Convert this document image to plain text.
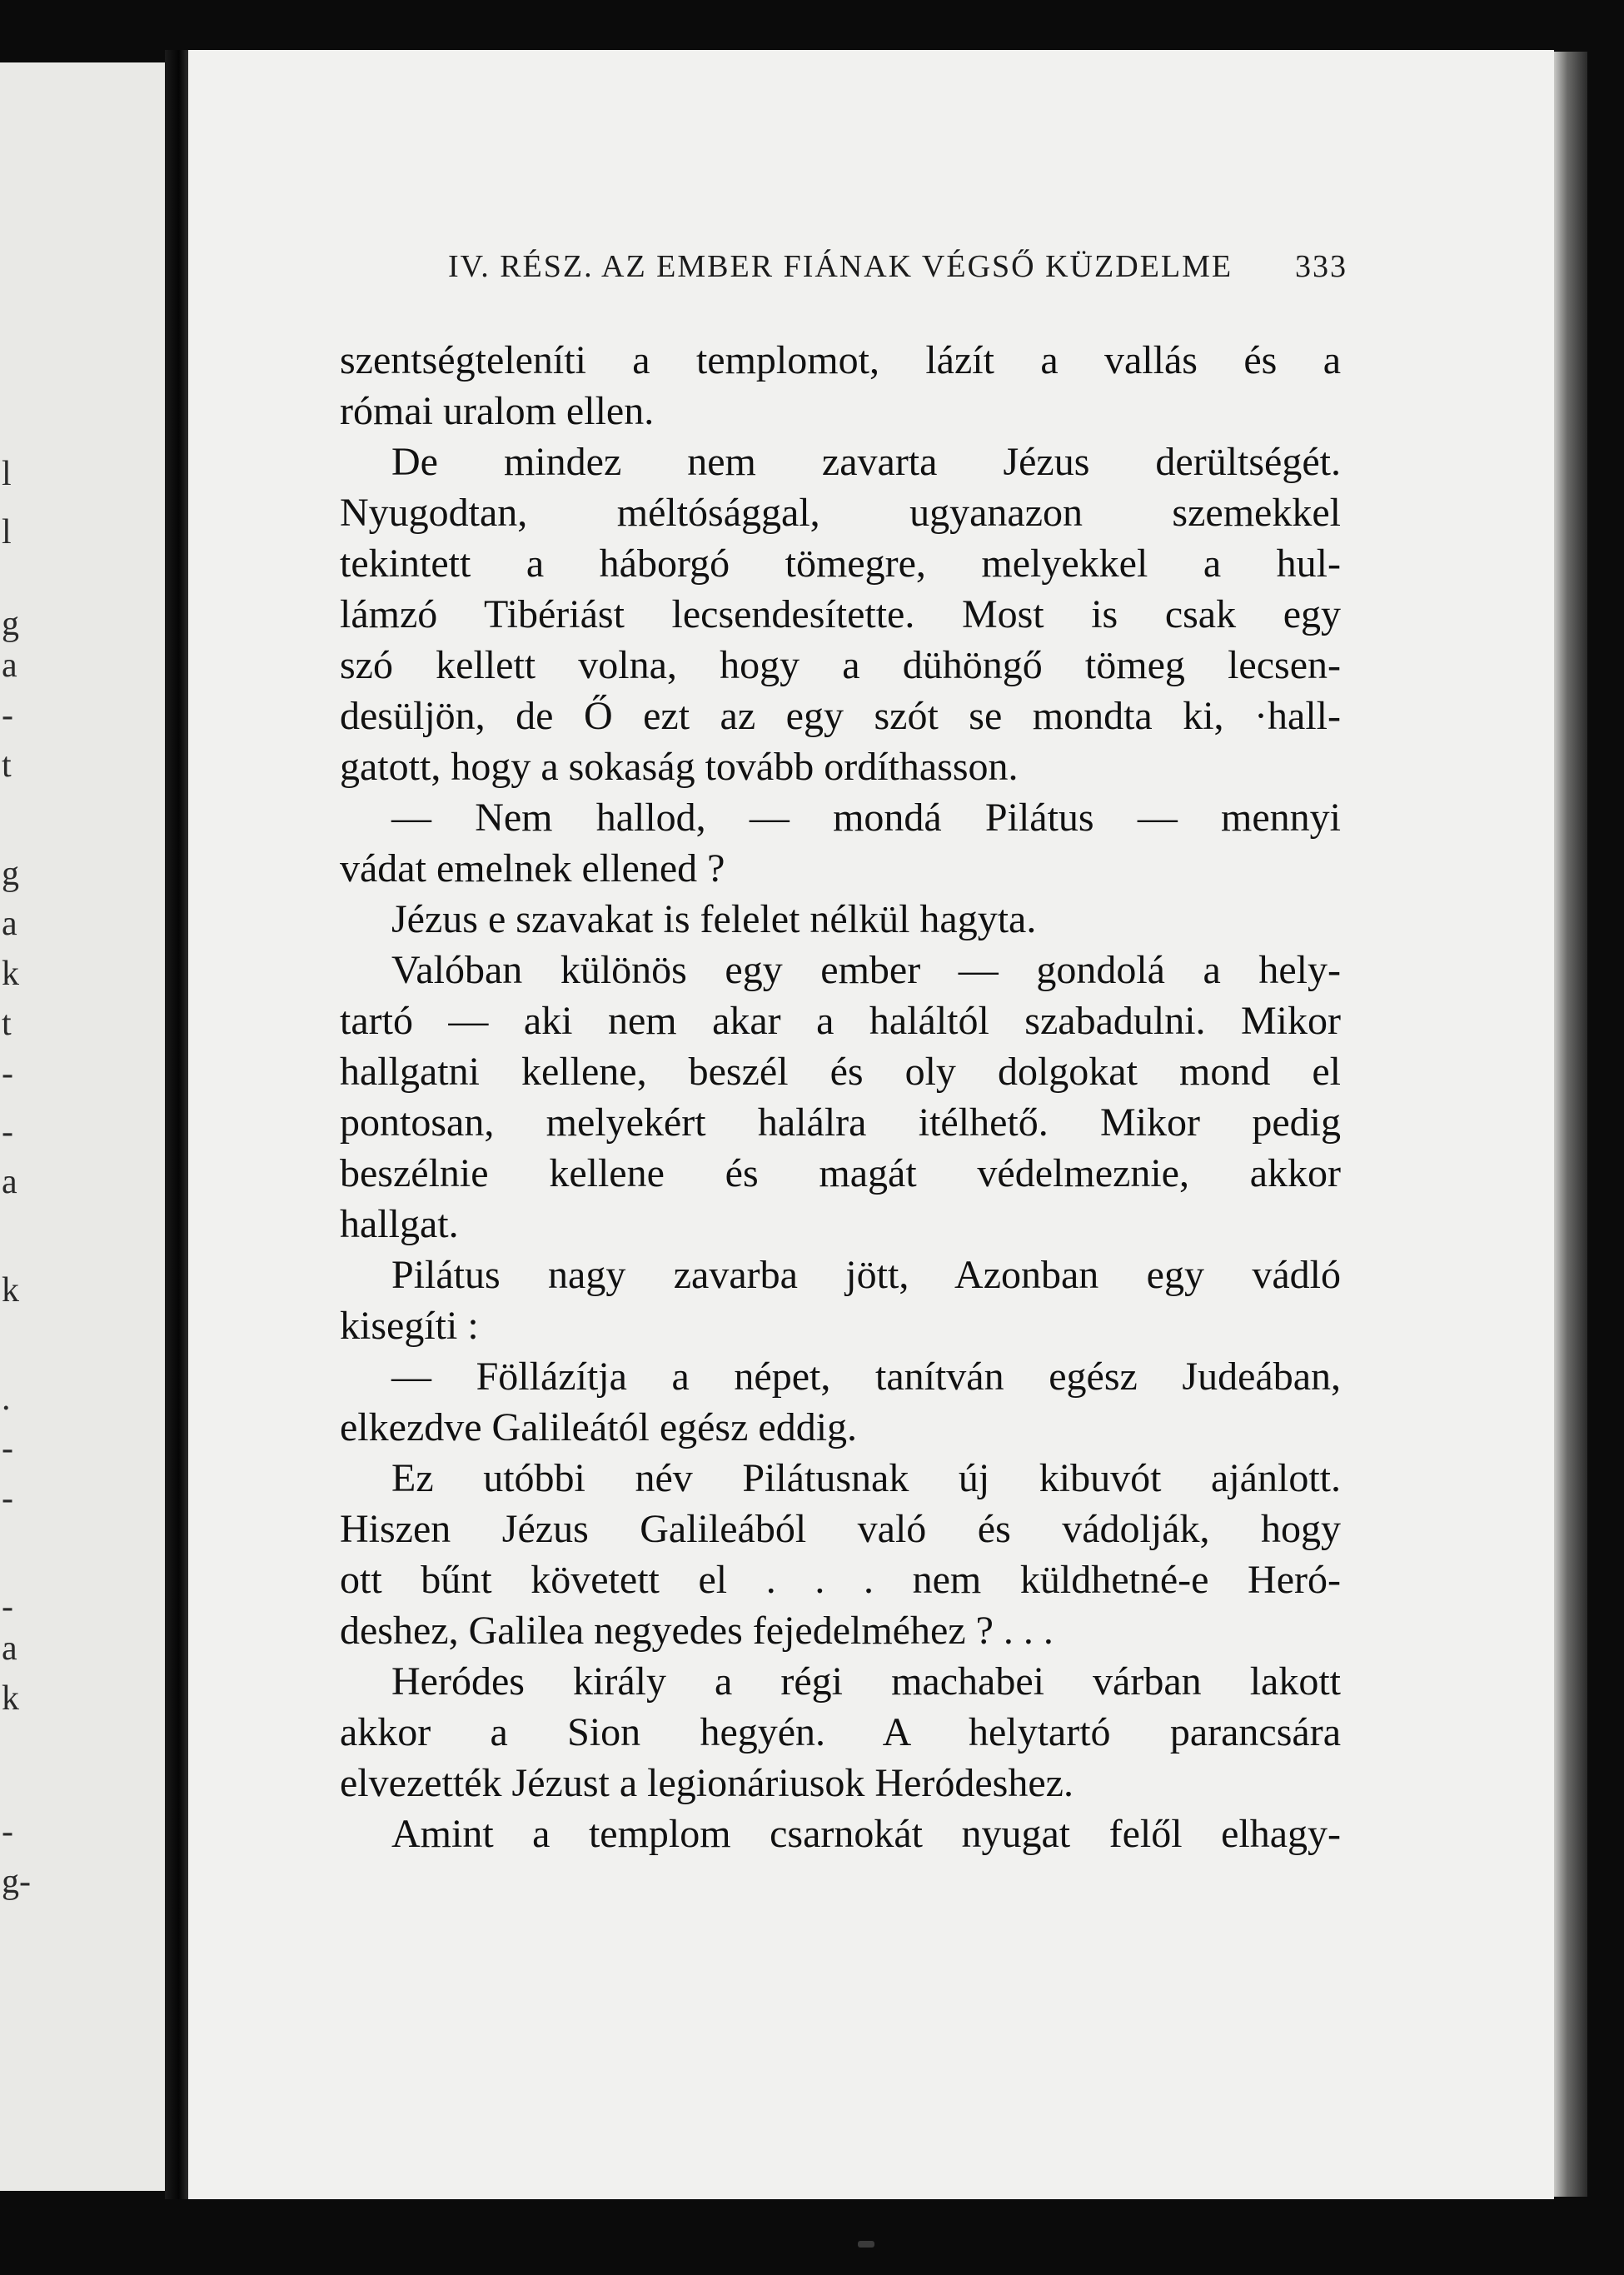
l
l
g
a
-
t
g
a
k
t
-
-
a
k
.
-
-
-
a
k
-
g-
IV. RÉSZ. AZ EMBER FIÁNAK VÉGSŐ KÜZDELME 333
szentségteleníti a templomot, lázít a vallás és a
római uralom ellen.
De mindez nem zavarta Jézus derültségét.
Nyugodtan, méltósággal, ugyanazon szemekkel
tekintett a háborgó tömegre, melyekkel a hul-
lámzó Tibériást lecsendesítette. Most is csak egy
szó kellett volna, hogy a dühöngő tömeg lecsen-
desüljön, de Ő ezt az egy szót se mondta ki, ·hall-
gatott, hogy a sokaság tovább ordíthasson.
— Nem hallod, — mondá Pilátus — mennyi
vádat emelnek ellened ?
Jézus e szavakat is felelet nélkül hagyta.
Valóban különös egy ember — gondolá a hely-
tartó — aki nem akar a haláltól szabadulni. Mikor
hallgatni kellene, beszél és oly dolgokat mond el
pontosan, melyekért halálra itélhető. Mikor pedig
beszélnie kellene és magát védelmeznie, akkor
hallgat.
Pilátus nagy zavarba jött, Azonban egy vádló
kisegíti :
— Föllázítja a népet, tanítván egész Judeában,
elkezdve Galileától egész eddig.
Ez utóbbi név Pilátusnak új kibuvót ajánlott.
Hiszen Jézus Galileából való és vádolják, hogy
ott bűnt követett el . . . nem küldhetné-e Heró-
deshez, Galilea negyedes fejedelméhez ? . . .
Heródes király a régi machabei várban lakott
akkor a Sion hegyén. A helytartó parancsára
elvezették Jézust a legionáriusok Heródeshez.
Amint a templom csarnokát nyugat felől elhagy-
